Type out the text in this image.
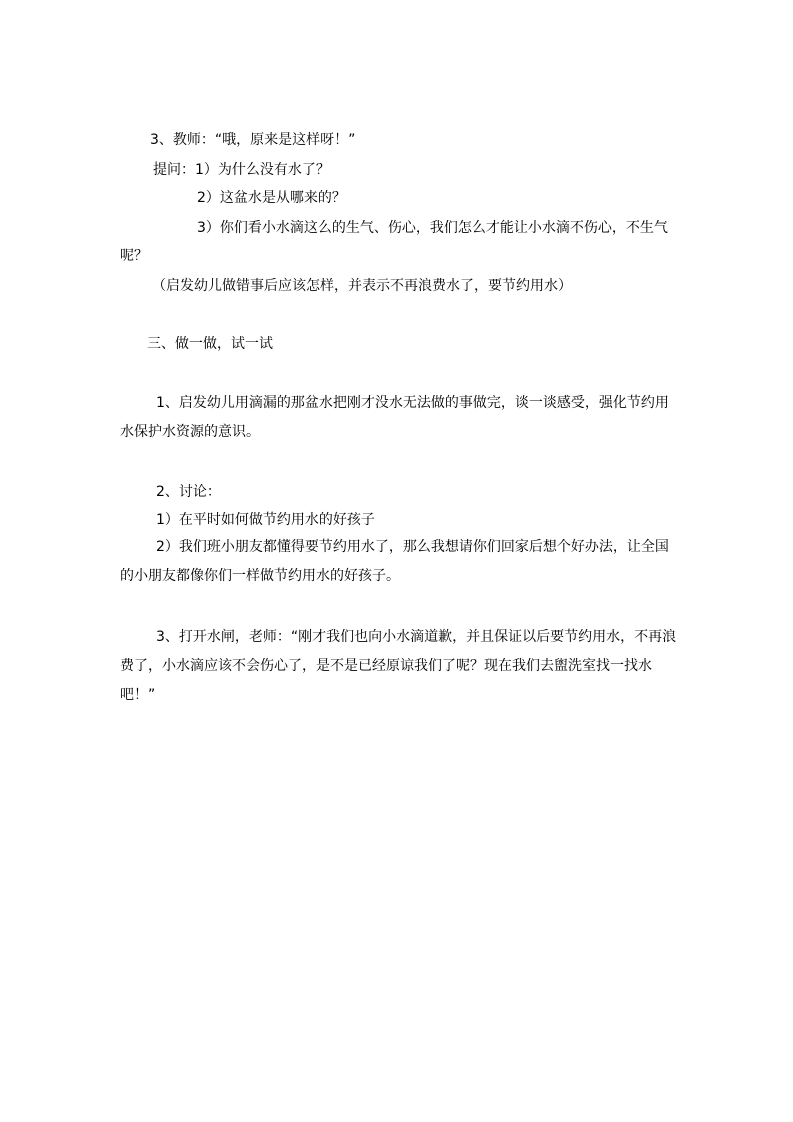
3、教师：“哦，原来是这样呀！”
提问：1）为什么没有水了？
2）这盆水是从哪来的？
3）你们看小水滴这么的生气、伤心，我们怎么才能让小水滴不伤心，不生气
呢？
（启发幼儿做错事后应该怎样，并表示不再浪费水了，要节约用水）
三、做一做，试一试
1、启发幼儿用滴漏的那盆水把刚才没水无法做的事做完，谈一谈感受，强化节约用水保护水资源的意识。
2、讨论：
1）在平时如何做节约用水的好孩子
2）我们班小朋友都懂得要节约用水了，那么我想请你们回家后想个好办法，让全国的小朋友都像你们一样做节约用水的好孩子。
3、打开水闸，老师：“刚才我们也向小水滴道歉，并且保证以后要节约用水，不再浪费了，小水滴应该不会伤心了，是不是已经原谅我们了呢？现在我们去盥洗室找一找水吧！”
